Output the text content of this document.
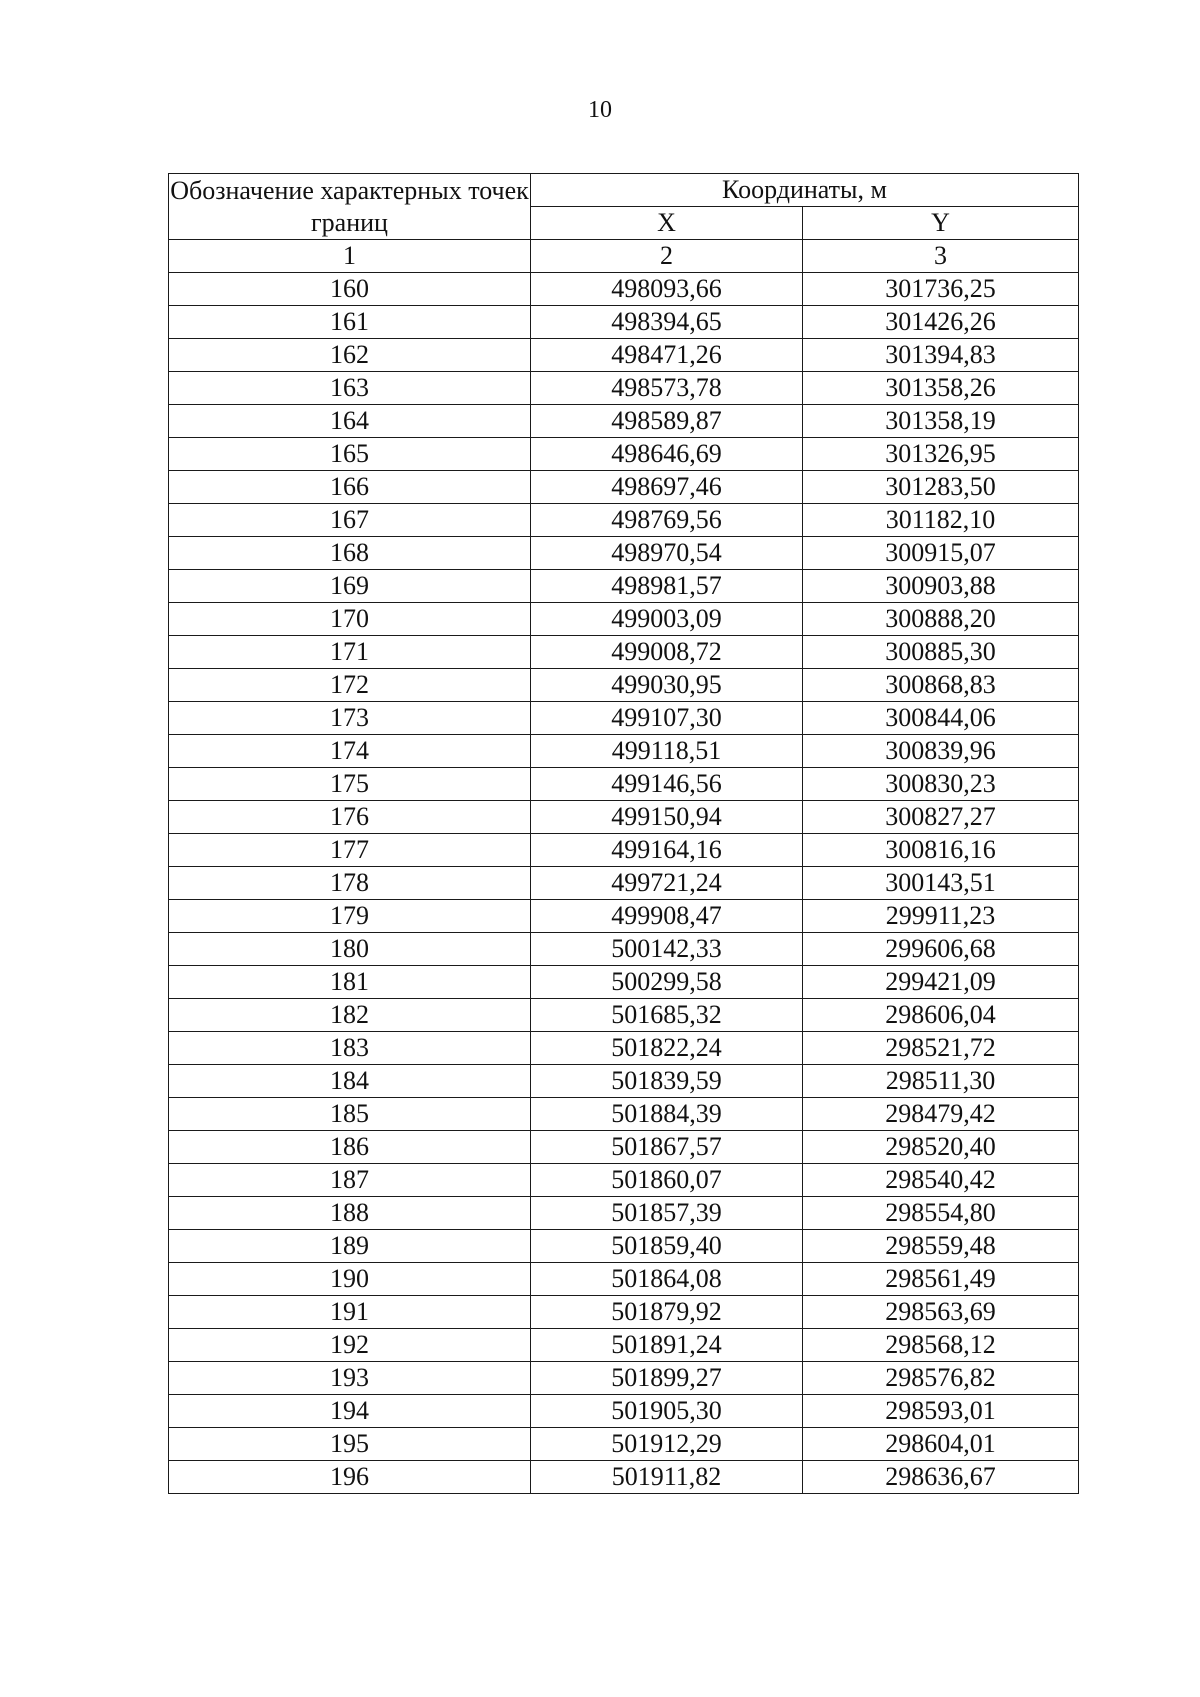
10
Обозначение характерных точек границ	Координаты, м	
	X	Y
1	2	3
160	498093,66	301736,25
161	498394,65	301426,26
162	498471,26	301394,83
163	498573,78	301358,26
164	498589,87	301358,19
165	498646,69	301326,95
166	498697,46	301283,50
167	498769,56	301182,10
168	498970,54	300915,07
169	498981,57	300903,88
170	499003,09	300888,20
171	499008,72	300885,30
172	499030,95	300868,83
173	499107,30	300844,06
174	499118,51	300839,96
175	499146,56	300830,23
176	499150,94	300827,27
177	499164,16	300816,16
178	499721,24	300143,51
179	499908,47	299911,23
180	500142,33	299606,68
181	500299,58	299421,09
182	501685,32	298606,04
183	501822,24	298521,72
184	501839,59	298511,30
185	501884,39	298479,42
186	501867,57	298520,40
187	501860,07	298540,42
188	501857,39	298554,80
189	501859,40	298559,48
190	501864,08	298561,49
191	501879,92	298563,69
192	501891,24	298568,12
193	501899,27	298576,82
194	501905,30	298593,01
195	501912,29	298604,01
196	501911,82	298636,67
